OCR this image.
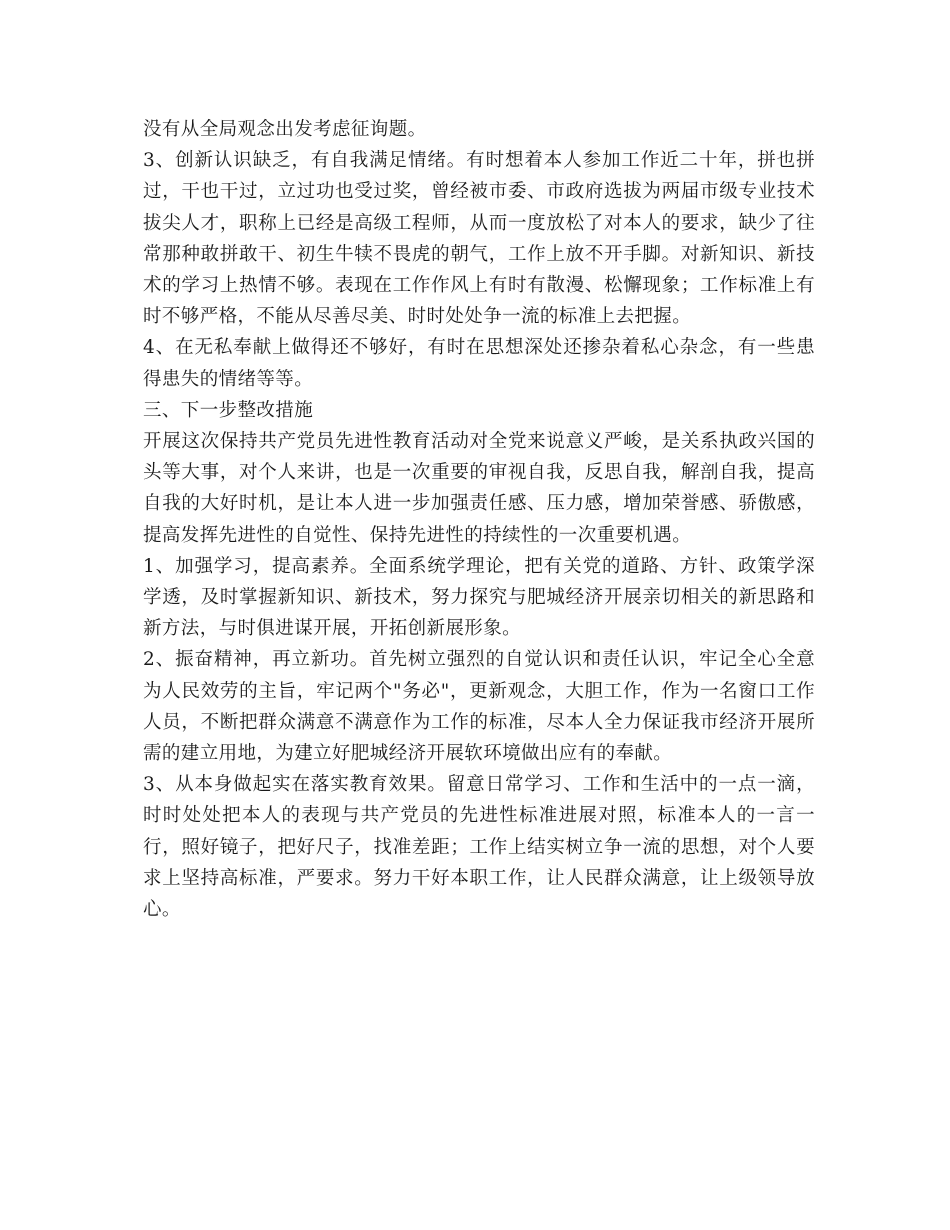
没有从全局观念出发考虑征询题。

3、创新认识缺乏，有自我满足情绪。有时想着本人参加工作近二十年，拼也拼过，干也干过，立过功也受过奖，曾经被市委、市政府选拔为两届市级专业技术拔尖人才，职称上已经是高级工程师，从而一度放松了对本人的要求，缺少了往常那种敢拼敢干、初生牛犊不畏虎的朝气，工作上放不开手脚。对新知识、新技术的学习上热情不够。表现在工作作风上有时有散漫、松懈现象；工作标准上有时不够严格，不能从尽善尽美、时时处处争一流的标准上去把握。

4、在无私奉献上做得还不够好，有时在思想深处还掺杂着私心杂念，有一些患得患失的情绪等等。

三、下一步整改措施

开展这次保持共产党员先进性教育活动对全党来说意义严峻，是关系执政兴国的头等大事，对个人来讲，也是一次重要的审视自我，反思自我，解剖自我，提高自我的大好时机，是让本人进一步加强责任感、压力感，增加荣誉感、骄傲感，提高发挥先进性的自觉性、保持先进性的持续性的一次重要机遇。

1、加强学习，提高素养。全面系统学理论，把有关党的道路、方针、政策学深学透，及时掌握新知识、新技术，努力探究与肥城经济开展亲切相关的新思路和新方法，与时俱进谋开展，开拓创新展形象。

2、振奋精神，再立新功。首先树立强烈的自觉认识和责任认识，牢记全心全意为人民效劳的主旨，牢记两个"务必"，更新观念，大胆工作，作为一名窗口工作人员，不断把群众满意不满意作为工作的标准，尽本人全力保证我市经济开展所需的建立用地，为建立好肥城经济开展软环境做出应有的奉献。

3、从本身做起实在落实教育效果。留意日常学习、工作和生活中的一点一滴，时时处处把本人的表现与共产党员的先进性标准进展对照，标准本人的一言一行，照好镜子，把好尺子，找准差距；工作上结实树立争一流的思想，对个人要求上坚持高标准，严要求。努力干好本职工作，让人民群众满意，让上级领导放心。
